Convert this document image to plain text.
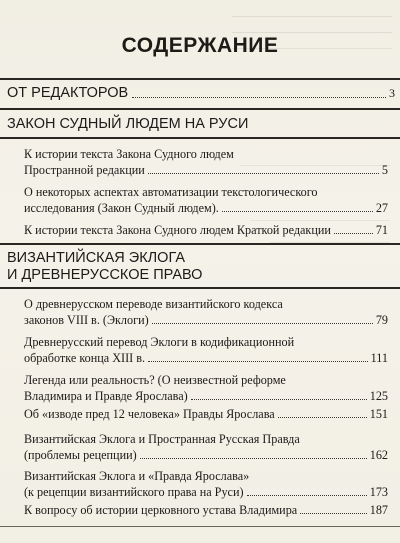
СОДЕРЖАНИЕ
ОТ РЕДАКТОРОВ	3
ЗАКОН СУДНЫЙ ЛЮДЕМ НА РУСИ
К истории текста Закона Судного людем
Пространной редакции	5
О некоторых аспектах автоматизации текстологического
исследования (Закон Судный людем).	27
К истории текста Закона Судного людем Краткой редакции	71
ВИЗАНТИЙСКАЯ ЭКЛОГА
И ДРЕВНЕРУССКОЕ ПРАВО
О древнерусском переводе византийского кодекса
законов VIII в. (Эклоги)	79
Древнерусский перевод Эклоги в кодификационной
обработке конца XIII в.	111
Легенда или реальность? (О неизвестной реформе
Владимира и Правде Ярослава)	125
Об «изводе пред 12 человека» Правды Ярослава	151
Византийская Эклога и Пространная Русская Правда
(проблемы рецепции)	162
Византийская Эклога и «Правда Ярослава»
(к рецепции византийского права на Руси)	173
К вопросу об истории церковного устава Владимира	187
